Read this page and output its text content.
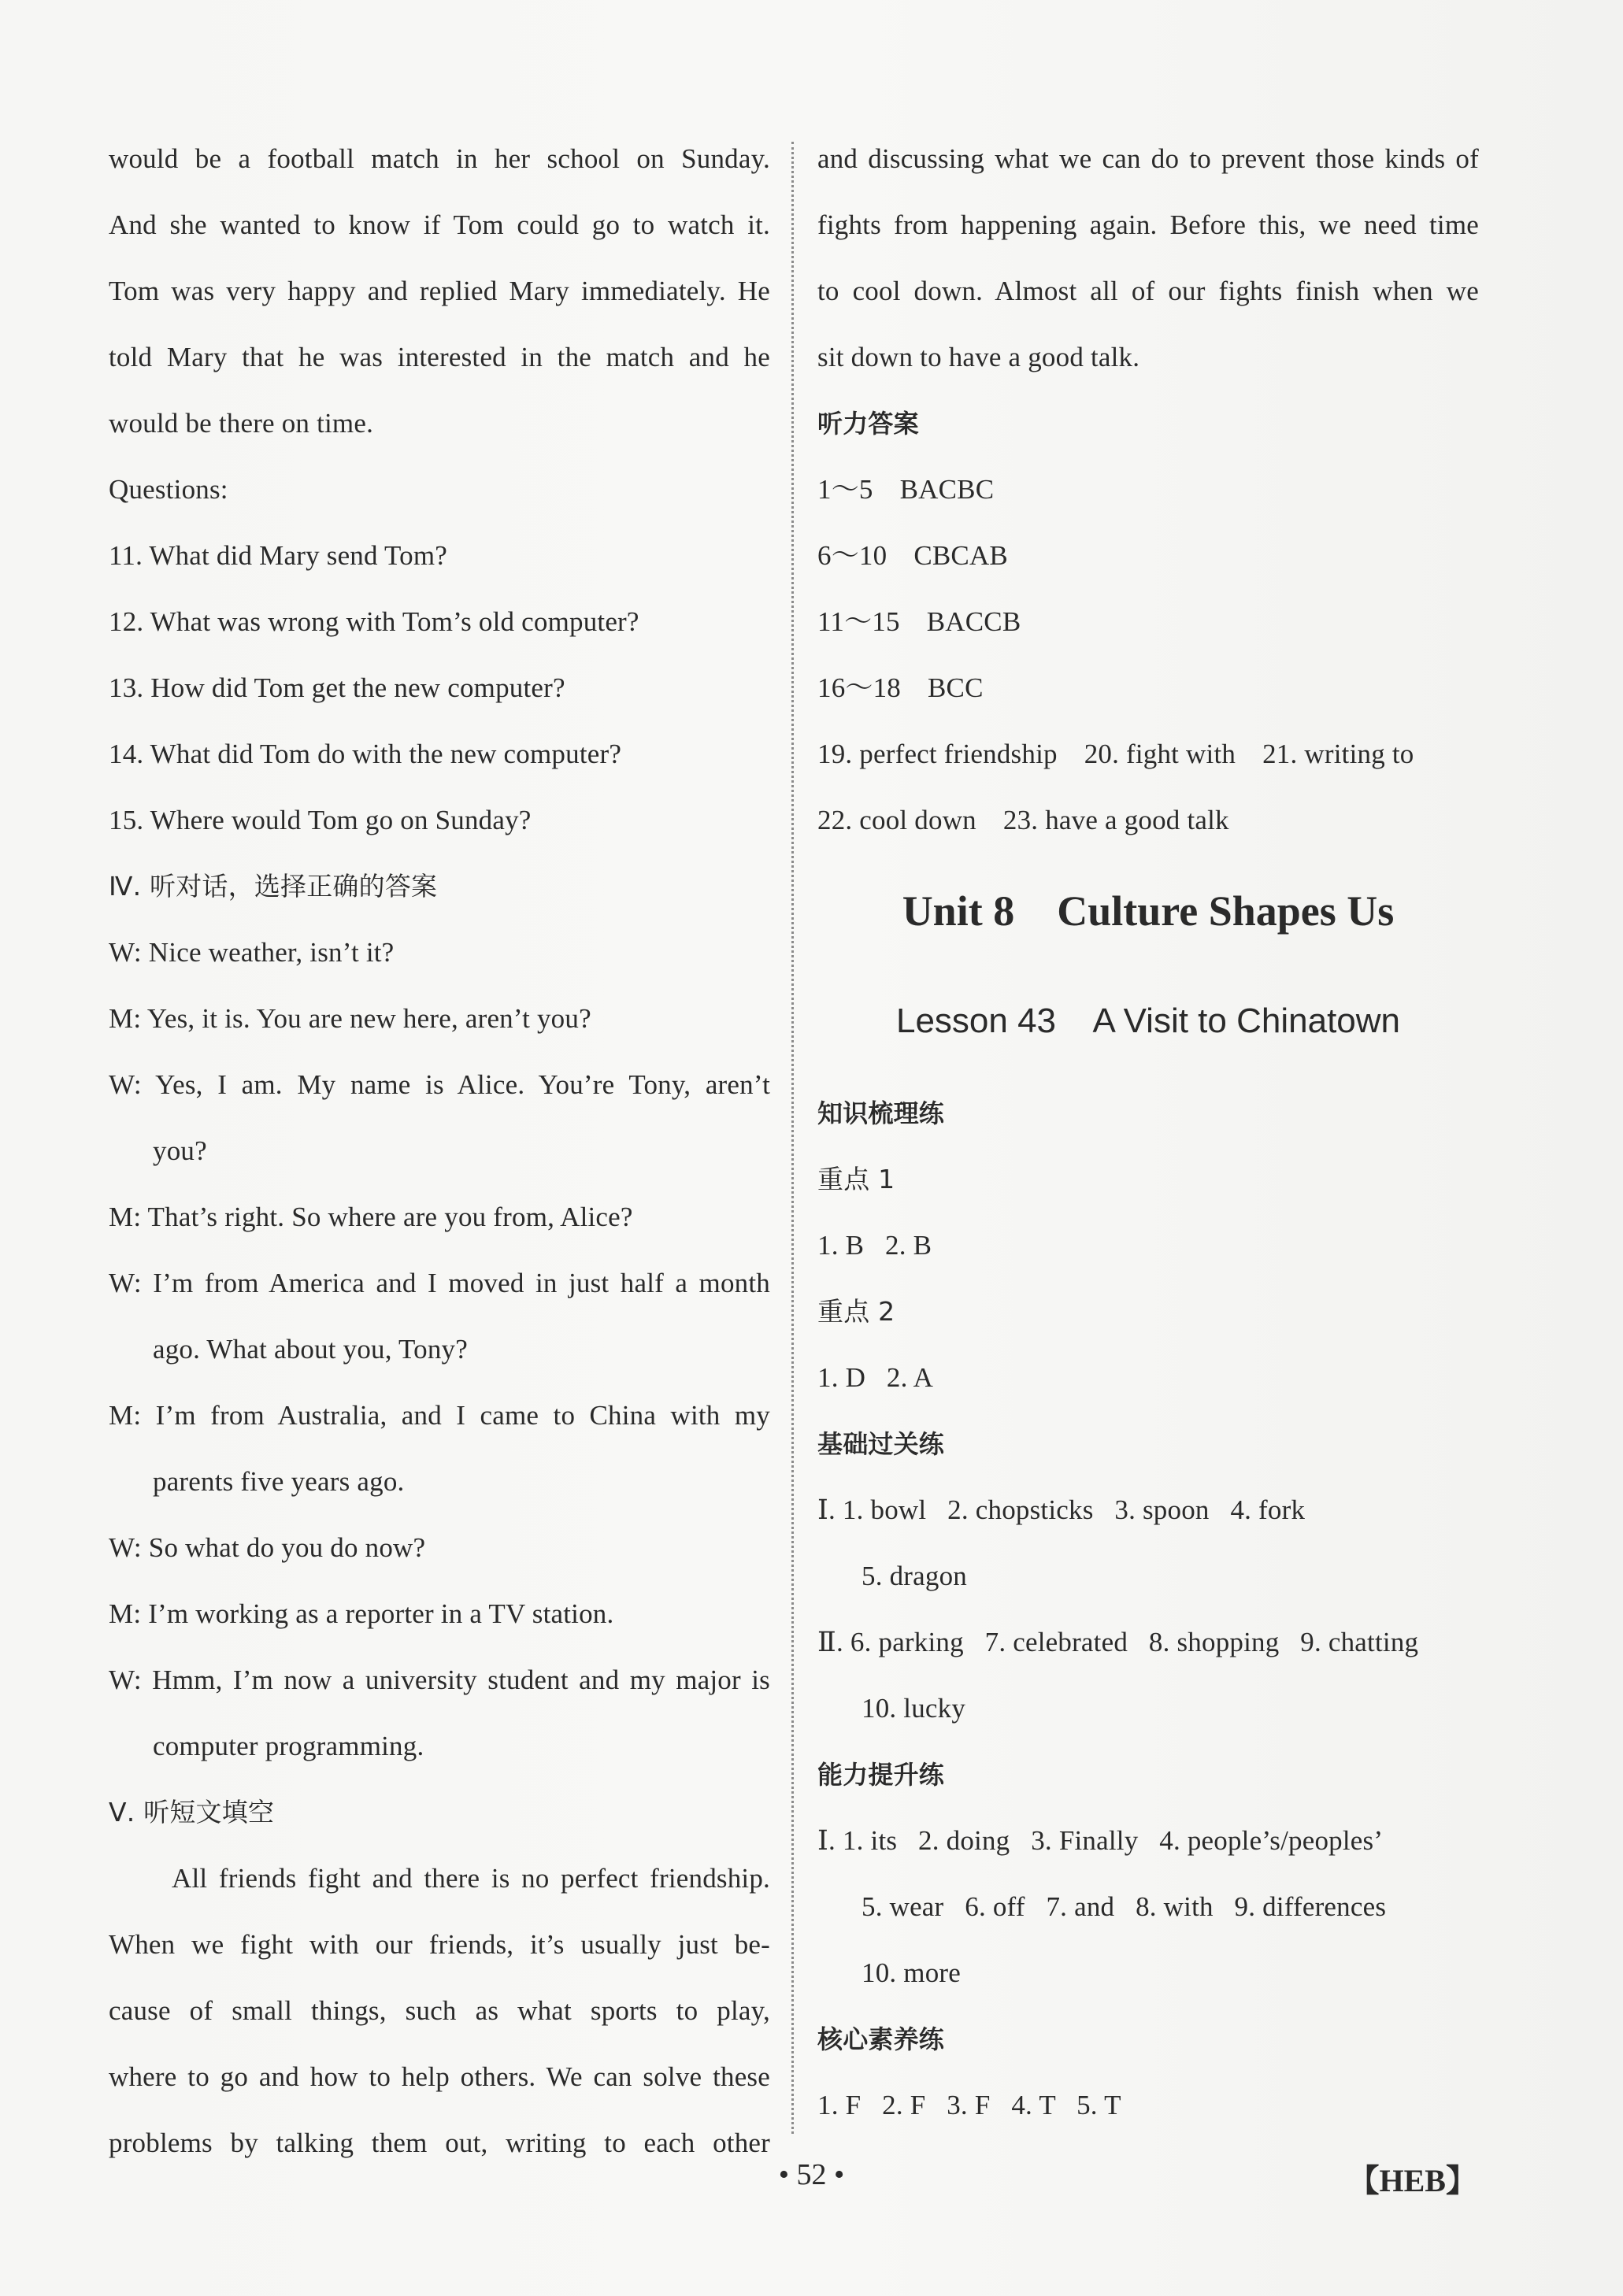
would be a football match in her school on Sunday.
And she wanted to know if Tom could go to watch it.
Tom was very happy and replied Mary immediately. He
told Mary that he was interested in the match and he
would be there on time.
Questions:
11. What did Mary send Tom?
12. What was wrong with Tom’s old computer?
13. How did Tom get the new computer?
14. What did Tom do with the new computer?
15. Where would Tom go on Sunday?
Ⅳ. 听对话，选择正确的答案
W: Nice weather, isn’t it?
M: Yes, it is. You are new here, aren’t you?
W: Yes, I am. My name is Alice. You’re Tony, aren’t
you?
M: That’s right. So where are you from, Alice?
W: I’m from America and I moved in just half a month
ago. What about you, Tony?
M: I’m from Australia, and I came to China with my
parents five years ago.
W: So what do you do now?
M: I’m working as a reporter in a TV station.
W: Hmm, I’m now a university student and my major is
computer programming.
Ⅴ. 听短文填空
All friends fight and there is no perfect friendship.
When we fight with our friends, it’s usually just be-
cause of small things, such as what sports to play,
where to go and how to help others. We can solve these
problems by talking them out, writing to each other
and discussing what we can do to prevent those kinds of
fights from happening again. Before this, we need time
to cool down. Almost all of our fights finish when we
sit down to have a good talk.
听力答案
1～5 BACBC
6～10 CBCAB
11～15 BACCB
16～18 BCC
19. perfect friendship 20. fight with 21. writing to
22. cool down 23. have a good talk
Unit 8    Culture Shapes Us
Lesson 43    A Visit to Chinatown
知识梳理练
重点 1
1. B   2. B
重点 2
1. D   2. A
基础过关练
Ⅰ. 1. bowl   2. chopsticks   3. spoon   4. fork
5. dragon
Ⅱ. 6. parking   7. celebrated   8. shopping   9. chatting
10. lucky
能力提升练
Ⅰ. 1. its   2. doing   3. Finally   4. people’s/peoples’
5. wear   6. off   7. and   8. with   9. differences
10. more
核心素养练
1. F   2. F   3. F   4. T   5. T
• 52 •	【HEB】
